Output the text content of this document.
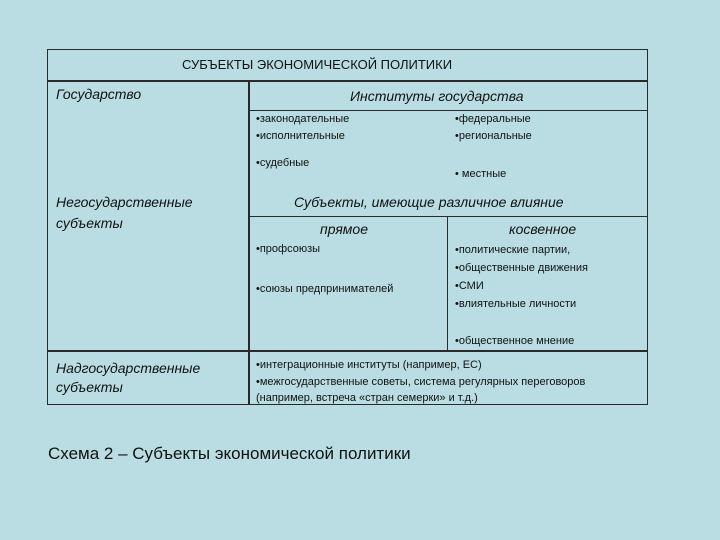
СУБЪЕКТЫ ЭКОНОМИЧЕСКОЙ ПОЛИТИКИ
Государство	Институты государства
•законодательные
•исполнительные
•судебные
•федеральные
•региональные
• местные
Негосударственные
субъекты
Субъекты, имеющие различное влияние
прямое	косвенное
•профсоюзы
•союзы предпринимателей
•политические партии,
•общественные движения
•СМИ
•влиятельные личности
•общественное мнение
Надгосударственные
субъекты
•интеграционные институты (например, ЕС)
•межгосударственные советы, система регулярных переговоров
(например, встреча «стран семерки» и т.д.)
Схема 2 – Субъекты экономической политики
